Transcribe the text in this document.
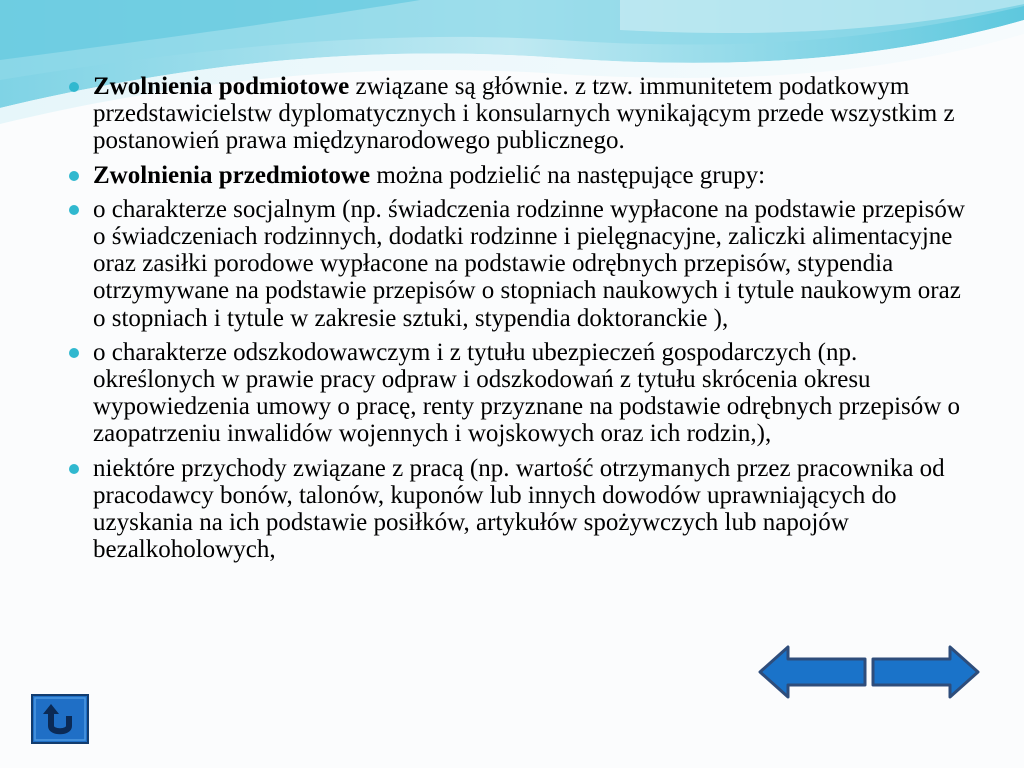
Zwolnienia podmiotowe związane są głównie. z tzw. immunitetem podatkowym przedstawicielstw dyplomatycznych i konsularnych wynikającym przede wszystkim z postanowień prawa międzynarodowego publicznego.
Zwolnienia przedmiotowe można podzielić na następujące grupy:
o charakterze socjalnym (np. świadczenia rodzinne wypłacone na podstawie przepisów o świadczeniach rodzinnych, dodatki rodzinne i pielęgnacyjne, zaliczki alimentacyjne oraz zasiłki porodowe wypłacone na podstawie odrębnych przepisów, stypendia otrzymywane na podstawie przepisów o stopniach naukowych i tytule naukowym oraz o stopniach i tytule w zakresie sztuki, stypendia doktoranckie ),
o charakterze odszkodowawczym i z tytułu ubezpieczeń gospodarczych (np. określonych w prawie pracy odpraw i odszkodowań z tytułu skrócenia okresu wypowiedzenia umowy o pracę, renty przyznane na podstawie odrębnych przepisów o zaopatrzeniu inwalidów wojennych i wojskowych oraz ich rodzin,),
niektóre przychody związane z pracą (np. wartość otrzymanych przez pracownika od pracodawcy bonów, talonów, kuponów lub innych dowodów uprawniających do uzyskania na ich podstawie posiłków, artykułów spożywczych lub napojów bezalkoholowych,
